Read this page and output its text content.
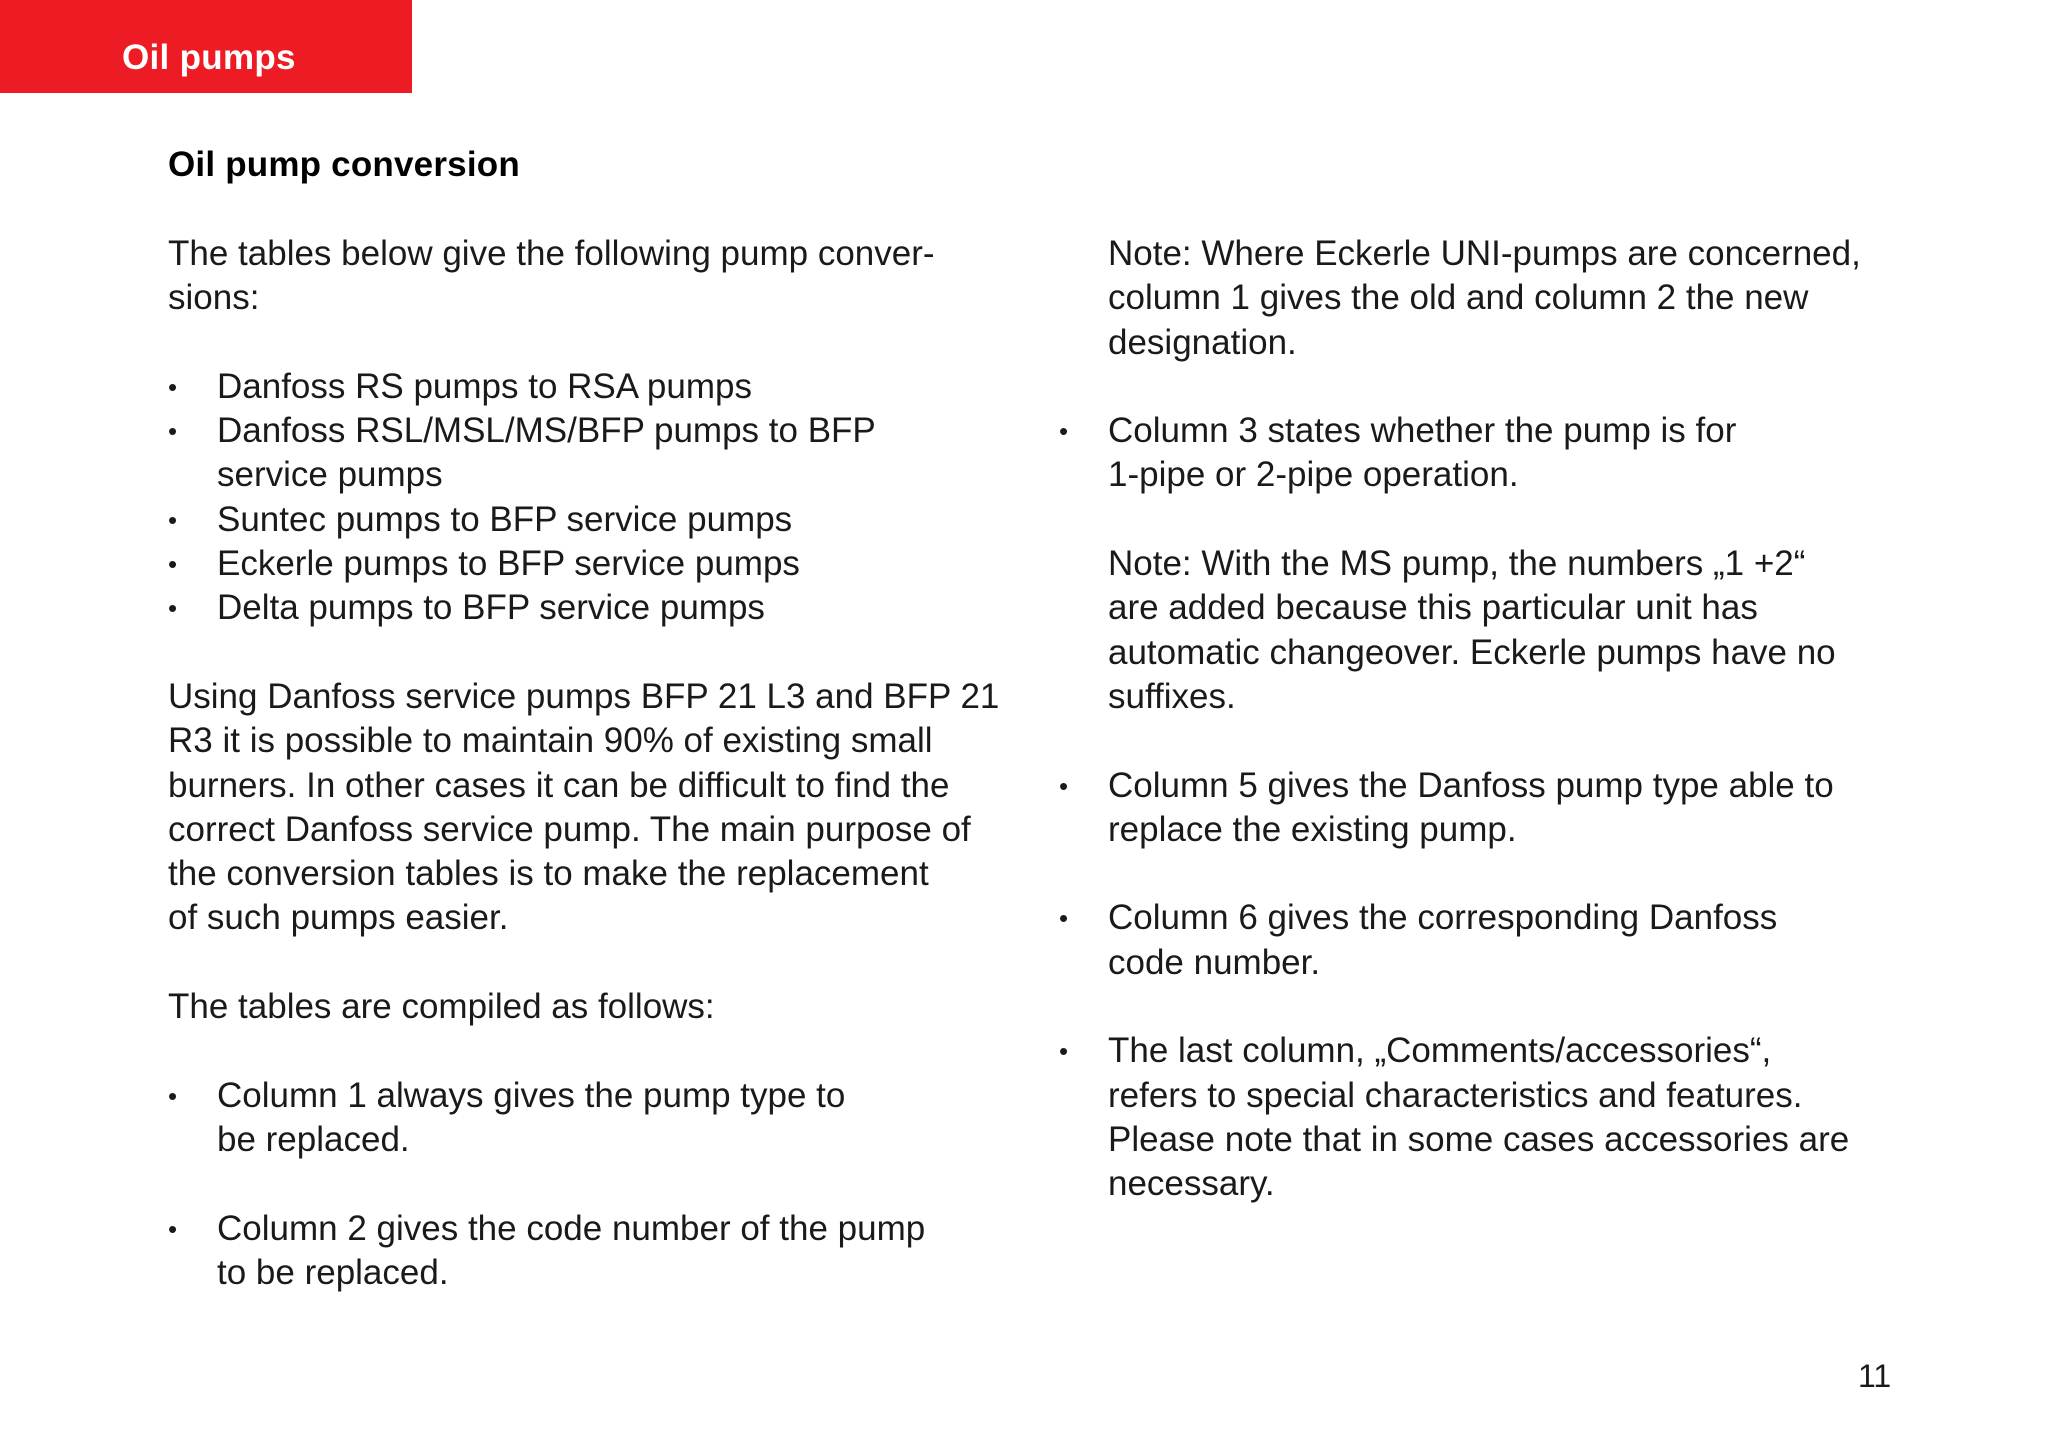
Oil pumps
Oil pump conversion
The tables below give the following pump conver-
sions:
• Danfoss RS pumps to RSA pumps
• Danfoss RSL/MSL/MS/BFP pumps to BFP
service pumps
• Suntec pumps to BFP service pumps
• Eckerle pumps to BFP service pumps
• Delta pumps to BFP service pumps
Using Danfoss service pumps BFP 21 L3 and BFP 21
R3 it is possible to maintain 90% of existing small
burners. In other cases it can be difficult to find the
correct Danfoss service pump. The main purpose of
the conversion tables is to make the replacement
of such pumps easier.
The tables are compiled as follows:
• Column 1 always gives the pump type to
be replaced.
• Column 2 gives the code number of the pump
to be replaced.
Note: Where Eckerle UNI-pumps are concerned,
column 1 gives the old and column 2 the new
designation.
• Column 3 states whether the pump is for
1-pipe or 2-pipe operation.
Note: With the MS pump, the numbers „1 +2“
are added because this particular unit has
automatic changeover. Eckerle pumps have no
suffixes.
• Column 5 gives the Danfoss pump type able to
replace the existing pump.
• Column 6 gives the corresponding Danfoss
code number.
• The last column, „Comments/accessories“,
refers to special characteristics and features.
Please note that in some cases accessories are
necessary.
11
